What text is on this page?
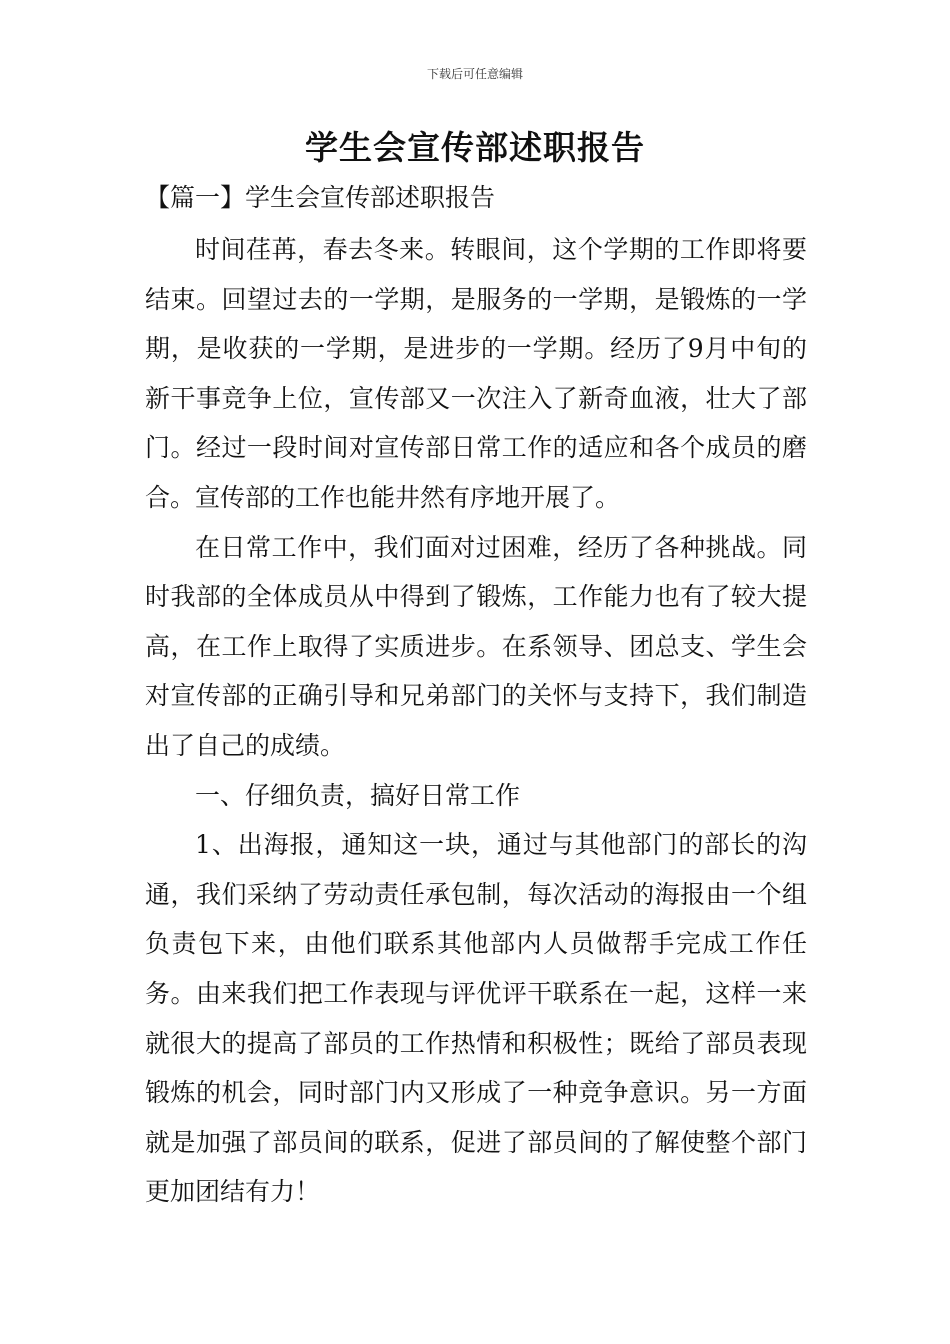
下载后可任意编辑
学生会宣传部述职报告
【篇一】学生会宣传部述职报告

时间荏苒，春去冬来。转眼间，这个学期的工作即将要结束。回望过去的一学期，是服务的一学期，是锻炼的一学期，是收获的一学期，是进步的一学期。经历了9月中旬的新干事竞争上位，宣传部又一次注入了新奇血液，壮大了部门。经过一段时间对宣传部日常工作的适应和各个成员的磨合。宣传部的工作也能井然有序地开展了。

在日常工作中，我们面对过困难，经历了各种挑战。同时我部的全体成员从中得到了锻炼，工作能力也有了较大提高，在工作上取得了实质进步。在系领导、团总支、学生会对宣传部的正确引导和兄弟部门的关怀与支持下，我们制造出了自己的成绩。

一、仔细负责，搞好日常工作

1、出海报，通知这一块，通过与其他部门的部长的沟通，我们采纳了劳动责任承包制，每次活动的海报由一个组负责包下来，由他们联系其他部内人员做帮手完成工作任务。由来我们把工作表现与评优评干联系在一起，这样一来就很大的提高了部员的工作热情和积极性；既给了部员表现锻炼的机会，同时部门内又形成了一种竞争意识。另一方面就是加强了部员间的联系，促进了部员间的了解使整个部门更加团结有力！
